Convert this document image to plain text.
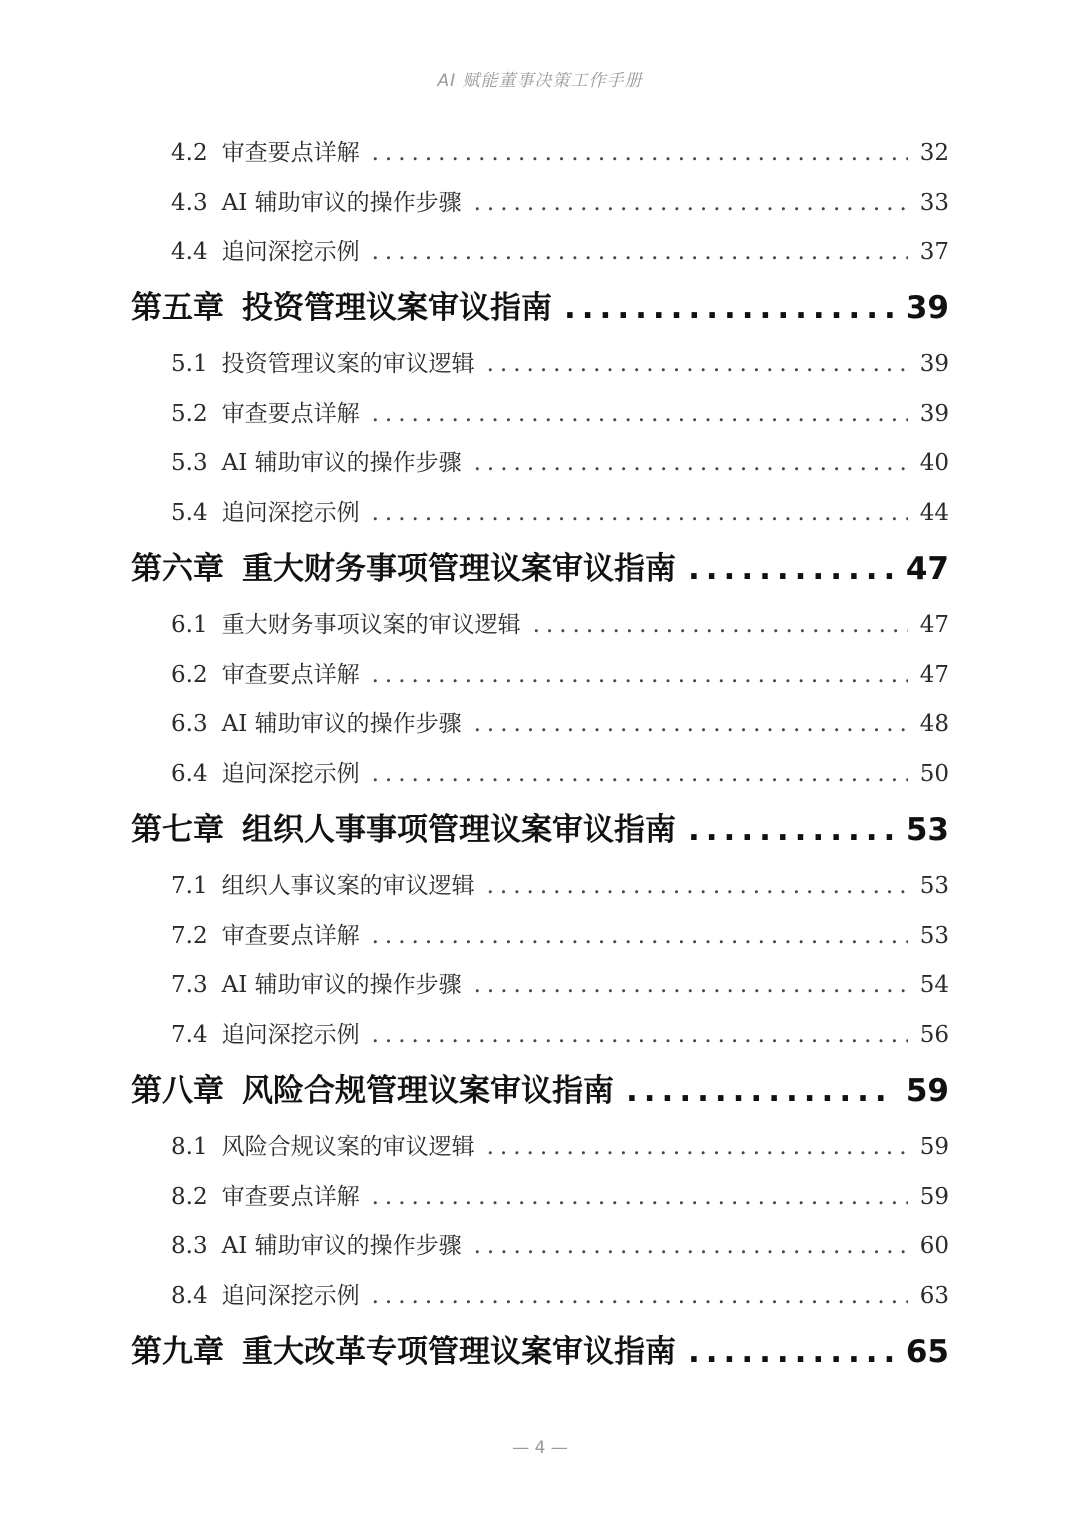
AI 赋能董事决策工作手册
4.2 审查要点详解 .....	32
4.3 AI 辅助审议的操作步骤 .....	33
4.4 追问深挖示例 .....	37
第五章 投资管理议案审议指南 .....	39
5.1 投资管理议案的审议逻辑 .....	39
5.2 审查要点详解 .....	39
5.3 AI 辅助审议的操作步骤 .....	40
5.4 追问深挖示例 .....	44
第六章 重大财务事项管理议案审议指南 .....	47
6.1 重大财务事项议案的审议逻辑 .....	47
6.2 审查要点详解 .....	47
6.3 AI 辅助审议的操作步骤 .....	48
6.4 追问深挖示例 .....	50
第七章 组织人事事项管理议案审议指南 .....	53
7.1 组织人事议案的审议逻辑 .....	53
7.2 审查要点详解 .....	53
7.3 AI 辅助审议的操作步骤 .....	54
7.4 追问深挖示例 .....	56
第八章 风险合规管理议案审议指南 .....	59
8.1 风险合规议案的审议逻辑 .....	59
8.2 审查要点详解 .....	59
8.3 AI 辅助审议的操作步骤 .....	60
8.4 追问深挖示例 .....	63
第九章 重大改革专项管理议案审议指南 .....	65
— 4 —
